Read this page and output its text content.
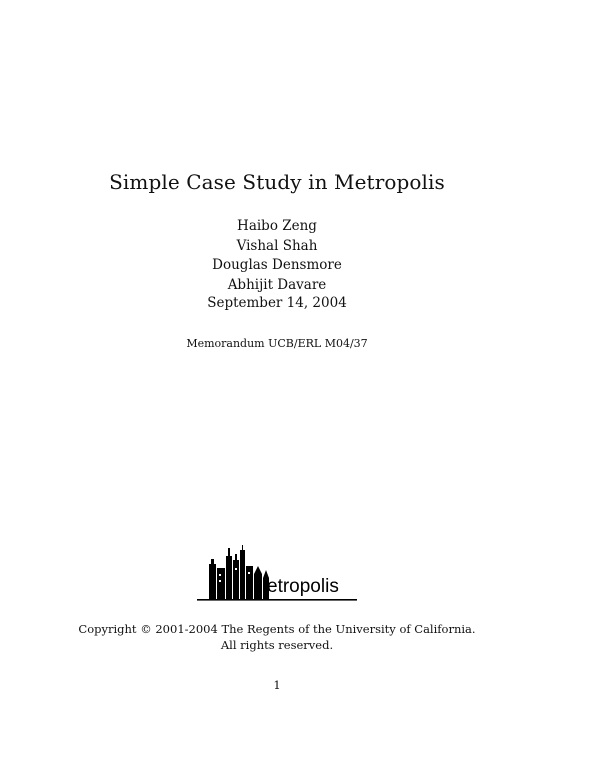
Simple Case Study in Metropolis
Haibo Zeng
Vishal Shah
Douglas Densmore
Abhijit Davare
September 14, 2004
Memorandum UCB/ERL M04/37
etropolis
Copyright © 2001-2004 The Regents of the University of California.
All rights reserved.
1
